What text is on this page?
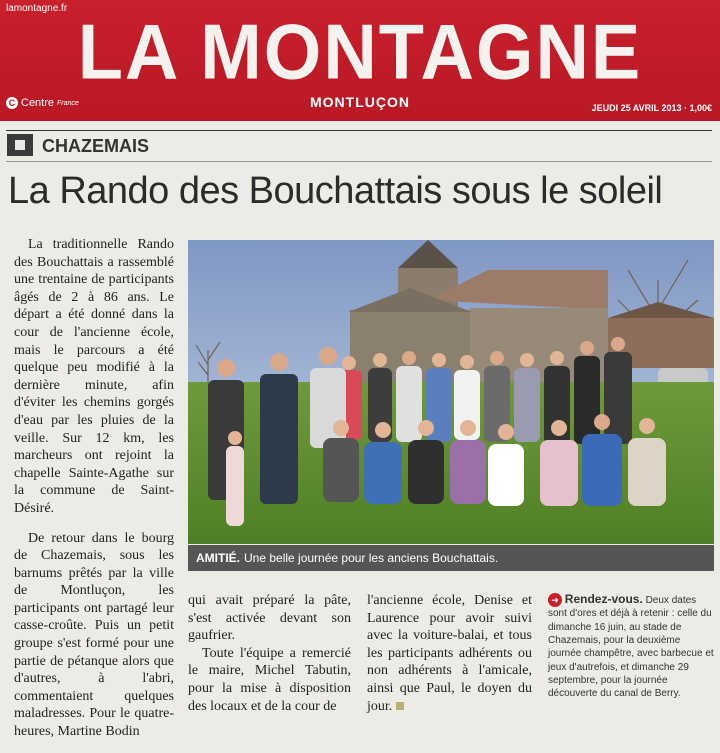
lamontagne.fr LA MONTAGNE
C Centre France	MONTLUÇON	JEUDI 25 AVRIL 2013 · 1,00€
CHAZEMAIS
La Rando des Bouchattais sous le soleil

La traditionnelle Rando des Bouchattais a rassemblé une trentaine de participants âgés de 2 à 86 ans. Le départ a été donné dans la cour de l'ancienne école, mais le parcours a été quelque peu modifié à la dernière minute, afin d'éviter les chemins gorgés d'eau par les pluies de la veille. Sur 12 km, les marcheurs ont rejoint la chapelle Sainte-Agathe sur la commune de Saint-Désiré.

De retour dans le bourg de Chazemais, sous les barnums prêtés par la ville de Montluçon, les participants ont partagé leur casse-croûte. Puis un petit groupe s'est formé pour une partie de pétanque alors que d'autres, à l'abri, commentaient quelques maladresses. Pour le quatre-heures, Martine Bodin

AMITIÉ. Une belle journée pour les anciens Bouchattais.

qui avait préparé la pâte, s'est activée devant son gaufrier.

Toute l'équipe a remercié le maire, Michel Tabutin, pour la mise à disposition des locaux et de la cour de

l'ancienne école, Denise et Laurence pour avoir suivi avec la voiture-balai, et tous les participants adhérents ou non adhérents à l'amicale, ainsi que Paul, le doyen du jour.

➜ Rendez-vous. Deux dates sont d'ores et déjà à retenir : celle du dimanche 16 juin, au stade de Chazemais, pour la deuxième journée champêtre, avec barbecue et jeux d'autrefois, et dimanche 29 septembre, pour la journée découverte du canal de Berry.
